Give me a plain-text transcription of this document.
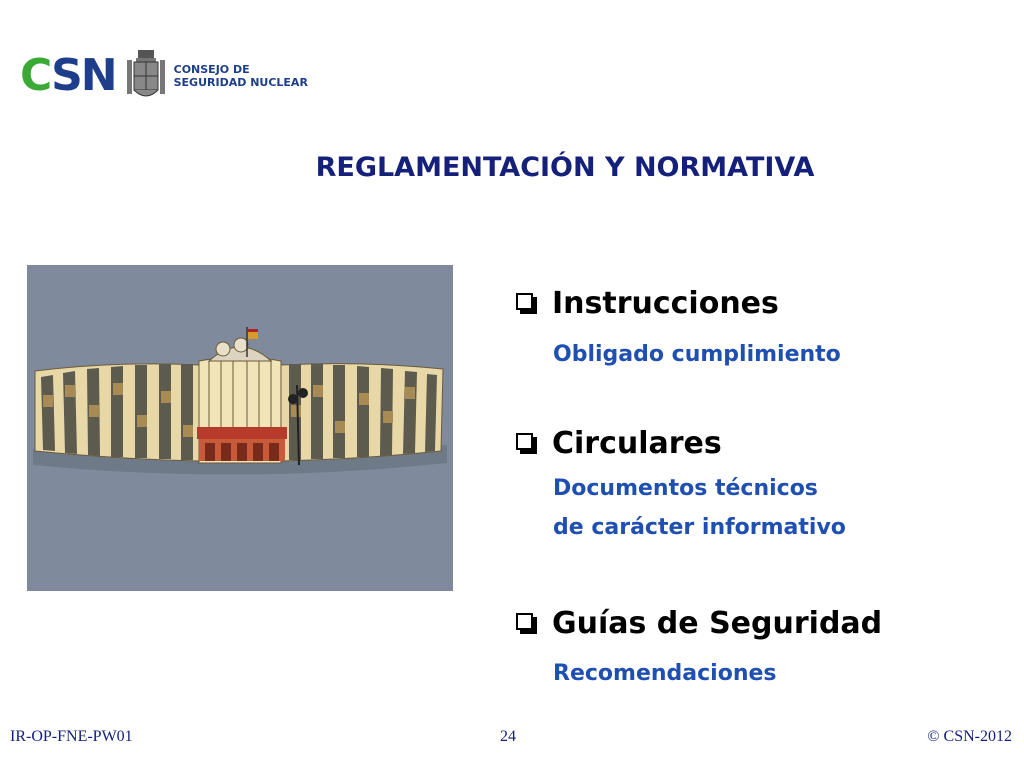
CSN	CONSEJO DE
SEGURIDAD NUCLEAR
REGLAMENTACIÓN Y NORMATIVA
Instrucciones
Obligado cumplimiento
Circulares
Documentos técnicos
de carácter informativo
Guías de Seguridad
Recomendaciones
IR-OP-FNE-PW01	24	© CSN-2012
